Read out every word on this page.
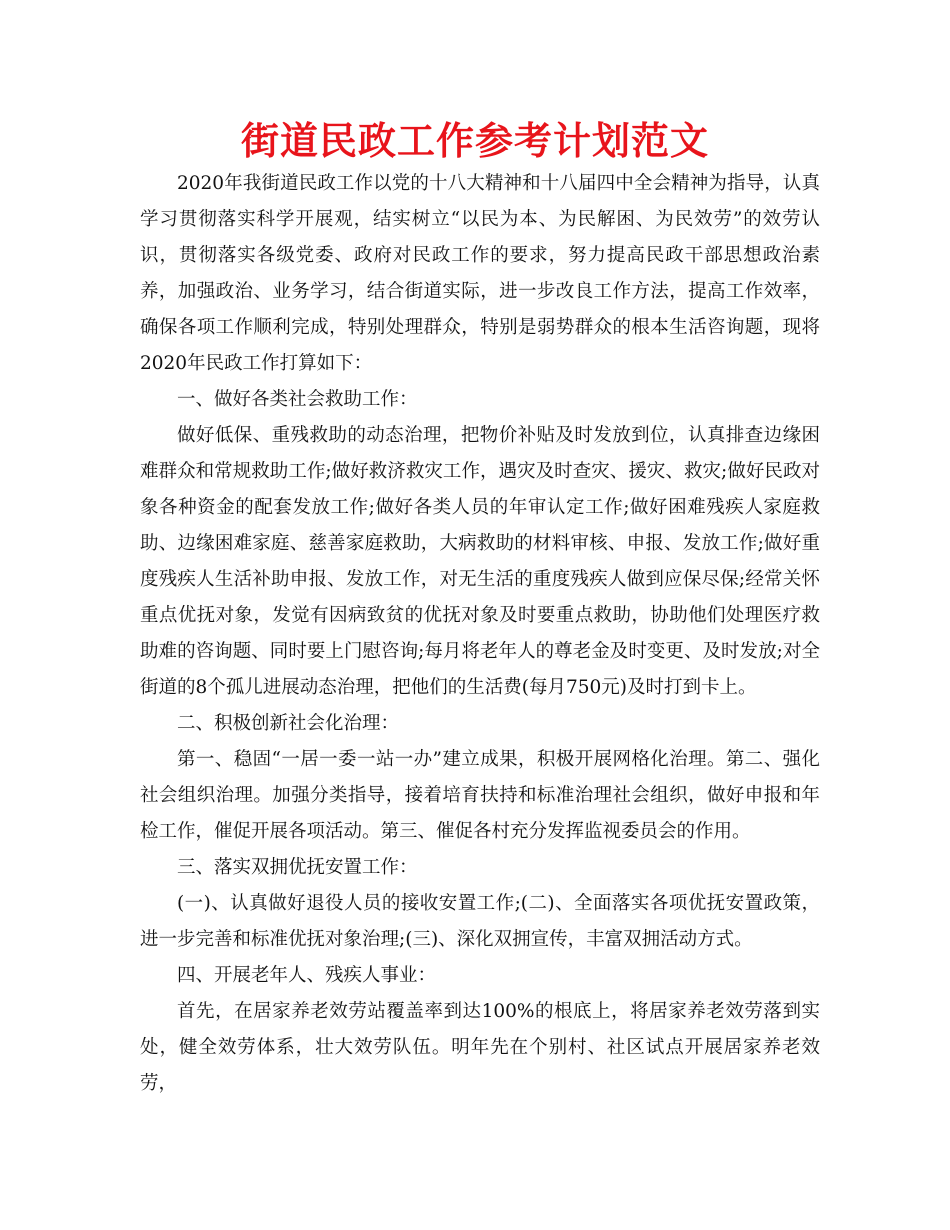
街道民政工作参考计划范文

2020年我街道民政工作以党的十八大精神和十八届四中全会精神为指导，认真学习贯彻落实科学开展观，结实树立“以民为本、为民解困、为民效劳”的效劳认识，贯彻落实各级党委、政府对民政工作的要求，努力提高民政干部思想政治素养，加强政治、业务学习，结合街道实际，进一步改良工作方法，提高工作效率，确保各项工作顺利完成，特别处理群众，特别是弱势群众的根本生活咨询题，现将2020年民政工作打算如下：

一、做好各类社会救助工作：

做好低保、重残救助的动态治理，把物价补贴及时发放到位，认真排查边缘困难群众和常规救助工作;做好救济救灾工作，遇灾及时查灾、援灾、救灾;做好民政对象各种资金的配套发放工作;做好各类人员的年审认定工作;做好困难残疾人家庭救助、边缘困难家庭、慈善家庭救助，大病救助的材料审核、申报、发放工作;做好重度残疾人生活补助申报、发放工作，对无生活的重度残疾人做到应保尽保;经常关怀重点优抚对象，发觉有因病致贫的优抚对象及时要重点救助，协助他们处理医疗救助难的咨询题、同时要上门慰咨询;每月将老年人的尊老金及时变更、及时发放;对全街道的8个孤儿进展动态治理，把他们的生活费(每月750元)及时打到卡上。

二、积极创新社会化治理：

第一、稳固“一居一委一站一办”建立成果，积极开展网格化治理。第二、强化社会组织治理。加强分类指导，接着培育扶持和标准治理社会组织，做好申报和年检工作，催促开展各项活动。第三、催促各村充分发挥监视委员会的作用。

三、落实双拥优抚安置工作：

(一)、认真做好退役人员的接收安置工作;(二)、全面落实各项优抚安置政策，进一步完善和标准优抚对象治理;(三)、深化双拥宣传，丰富双拥活动方式。

四、开展老年人、残疾人事业：

首先，在居家养老效劳站覆盖率到达100%的根底上，将居家养老效劳落到实处，健全效劳体系，壮大效劳队伍。明年先在个别村、社区试点开展居家养老效劳，
